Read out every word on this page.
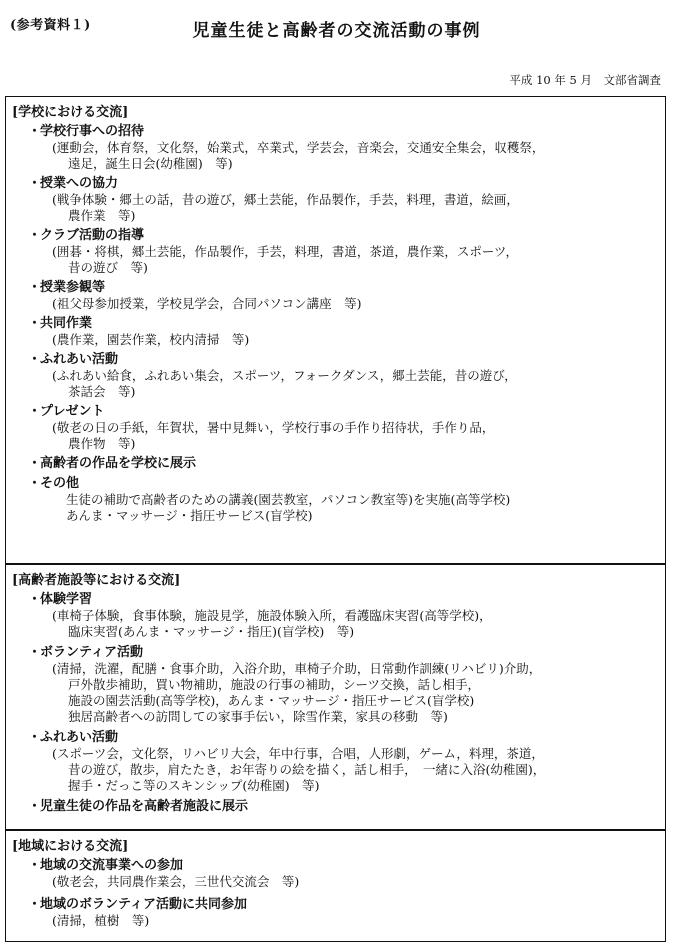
(参考資料１)	児童生徒と高齢者の交流活動の事例
平成 10 年 5 月　文部省調査
[学校における交流]
・学校行事への招待
(運動会，体育祭，文化祭，始業式，卒業式，学芸会，音楽会，交通安全集会，収穫祭，
遠足，誕生日会(幼稚園)　等)
・授業への協力
(戦争体験・郷土の話，昔の遊び，郷土芸能，作品製作，手芸，料理，書道，絵画，
農作業　等)
・クラブ活動の指導
(囲碁・将棋，郷土芸能，作品製作，手芸，料理，書道，茶道，農作業，スポーツ，
昔の遊び　等)
・授業参観等
(祖父母参加授業，学校見学会，合同パソコン講座　等)
・共同作業
(農作業，園芸作業，校内清掃　等)
・ふれあい活動
(ふれあい給食，ふれあい集会，スポーツ，フォークダンス，郷土芸能，昔の遊び，
茶話会　等)
・プレゼント
(敬老の日の手紙，年賀状，暑中見舞い，学校行事の手作り招待状，手作り品，
農作物　等)
・高齢者の作品を学校に展示
・その他
生徒の補助で高齢者のための講義(園芸教室，パソコン教室等)を実施(高等学校)
あんま・マッサージ・指圧サービス(盲学校)
[高齢者施設等における交流]
・体験学習
(車椅子体験，食事体験，施設見学，施設体験入所，看護臨床実習(高等学校)，
臨床実習(あんま・マッサージ・指圧)(盲学校)　等)
・ボランティア活動
(清掃，洗濯，配膳・食事介助，入浴介助，車椅子介助，日常動作訓練(リハビリ)介助，
戸外散歩補助，買い物補助，施設の行事の補助，シーツ交換，話し相手，
施設の園芸活動(高等学校)，あんま・マッサージ・指圧サービス(盲学校)
独居高齢者への訪問しての家事手伝い，除雪作業，家具の移動　等)
・ふれあい活動
(スポーツ会，文化祭，リハビリ大会，年中行事，合唱，人形劇，ゲーム，料理，茶道，
昔の遊び，散歩，肩たたき，お年寄りの絵を描く，話し相手，　一緒に入浴(幼稚園)，
握手・だっこ等のスキンシップ(幼稚園)　等)
・児童生徒の作品を高齢者施設に展示
[地域における交流]
・地域の交流事業への参加
(敬老会，共同農作業会，三世代交流会　等)
・地域のボランティア活動に共同参加
(清掃，植樹　等)
